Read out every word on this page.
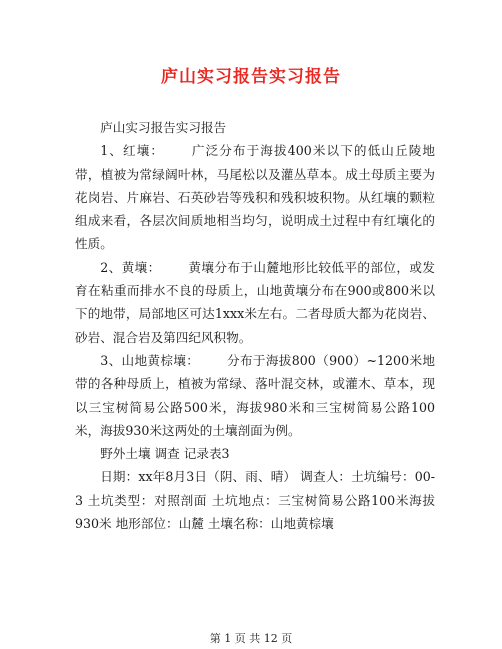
庐山实习报告实习报告

庐山实习报告实习报告

1、红壤： 广泛分布于海拔400米以下的低山丘陵地带，植被为常绿阔叶林，马尾松以及灌丛草本。成土母质主要为花岗岩、片麻岩、石英砂岩等残积和残积坡积物。从红壤的颗粒组成来看，各层次间质地相当均匀，说明成土过程中有红壤化的性质。

2、黄壤： 黄壤分布于山麓地形比较低平的部位，或发育在粘重而排水不良的母质上，山地黄壤分布在900或800米以下的地带，局部地区可达1xxx米左右。二者母质大都为花岗岩、砂岩、混合岩及第四纪风积物。

3、山地黄棕壤： 分布于海拔800（900）~1200米地带的各种母质上，植被为常绿、落叶混交林，或灌木、草本，现以三宝树简易公路500米，海拔980米和三宝树简易公路100米，海拔930米这两处的土壤剖面为例。

野外土壤 调查 记录表3

日期：xx年8月3日（阴、雨、晴） 调查人：土坑编号：00-3 土坑类型：对照剖面 土坑地点：三宝树简易公路100米海拔930米 地形部位：山麓 土壤名称：山地黄棕壤

第 1 页 共 12 页
